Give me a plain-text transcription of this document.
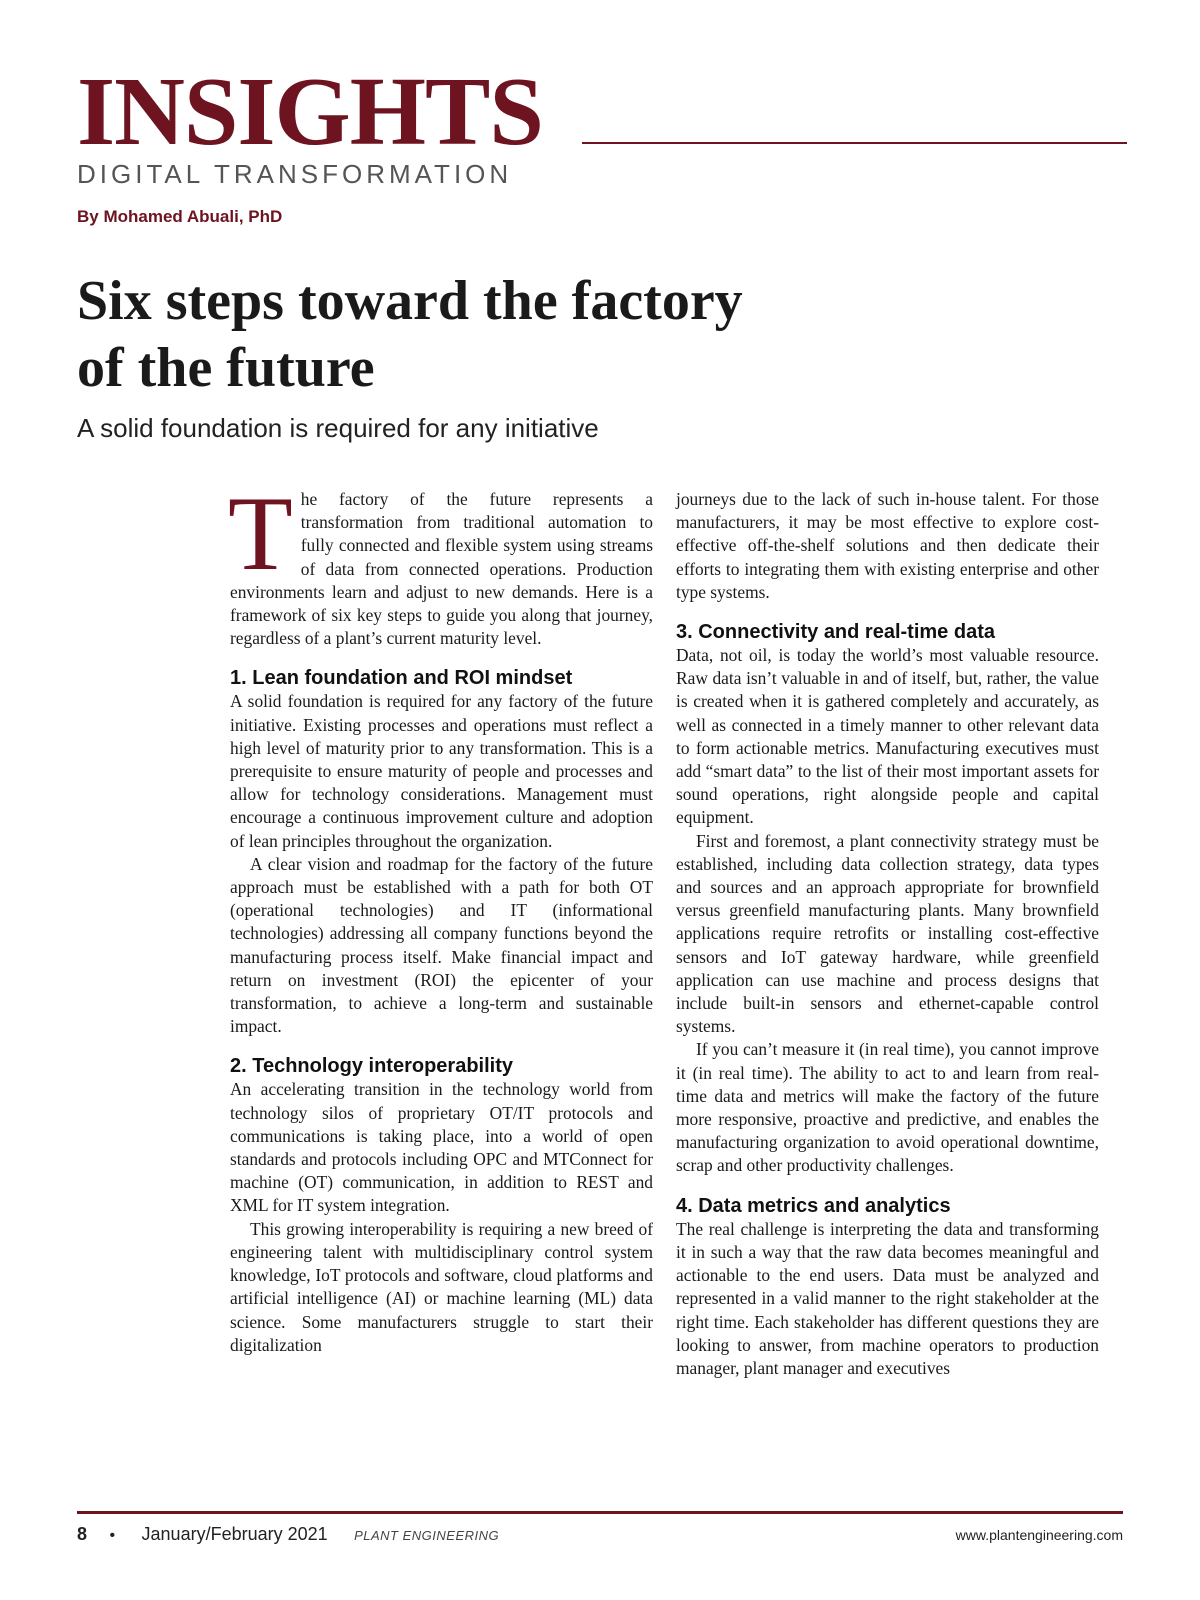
INSIGHTS
DIGITAL TRANSFORMATION
By Mohamed Abuali, PhD
Six steps toward the factory
of the future
A solid foundation is required for any initiative

The factory of the future represents a transformation from traditional automation to fully connected and flexible system using streams of data from connected operations. Production environments learn and adjust to new demands. Here is a framework of six key steps to guide you along that journey, regardless of a plant’s current maturity level.

1. Lean foundation and ROI mindset

A solid foundation is required for any factory of the future initiative. Existing processes and operations must reflect a high level of maturity prior to any transformation. This is a prerequisite to ensure maturity of people and processes and allow for technology considerations. Management must encourage a continuous improvement culture and adoption of lean principles throughout the organization.

A clear vision and roadmap for the factory of the future approach must be established with a path for both OT (operational technologies) and IT (informational technologies) addressing all company functions beyond the manufacturing process itself. Make financial impact and return on investment (ROI) the epicenter of your transformation, to achieve a long-term and sustainable impact.

2. Technology interoperability

An accelerating transition in the technology world from technology silos of proprietary OT/IT protocols and communications is taking place, into a world of open standards and protocols including OPC and MTConnect for machine (OT) communication, in addition to REST and XML for IT system integration.

This growing interoperability is requiring a new breed of engineering talent with multidisciplinary control system knowledge, IoT protocols and software, cloud platforms and artificial intelligence (AI) or machine learning (ML) data science. Some manufacturers struggle to start their digitalization

journeys due to the lack of such in-house talent. For those manufacturers, it may be most effective to explore cost-effective off-the-shelf solutions and then dedicate their efforts to integrating them with existing enterprise and other type systems.

3. Connectivity and real-time data

Data, not oil, is today the world’s most valuable resource. Raw data isn’t valuable in and of itself, but, rather, the value is created when it is gathered completely and accurately, as well as connected in a timely manner to other relevant data to form actionable metrics. Manufacturing executives must add “smart data” to the list of their most important assets for sound operations, right alongside people and capital equipment.

First and foremost, a plant connectivity strategy must be established, including data collection strategy, data types and sources and an approach appropriate for brownfield versus greenfield manufacturing plants. Many brownfield applications require retrofits or installing cost-effective sensors and IoT gateway hardware, while greenfield application can use machine and process designs that include built-in sensors and ethernet-capable control systems.

If you can’t measure it (in real time), you cannot improve it (in real time). The ability to act to and learn from real-time data and metrics will make the factory of the future more responsive, proactive and predictive, and enables the manufacturing organization to avoid operational downtime, scrap and other productivity challenges.

4. Data metrics and analytics

The real challenge is interpreting the data and transforming it in such a way that the raw data becomes meaningful and actionable to the end users. Data must be analyzed and represented in a valid manner to the right stakeholder at the right time. Each stakeholder has different questions they are looking to answer, from machine operators to production manager, plant manager and executives

8 • January/February 2021 PLANT ENGINEERING	www.plantengineering.com
